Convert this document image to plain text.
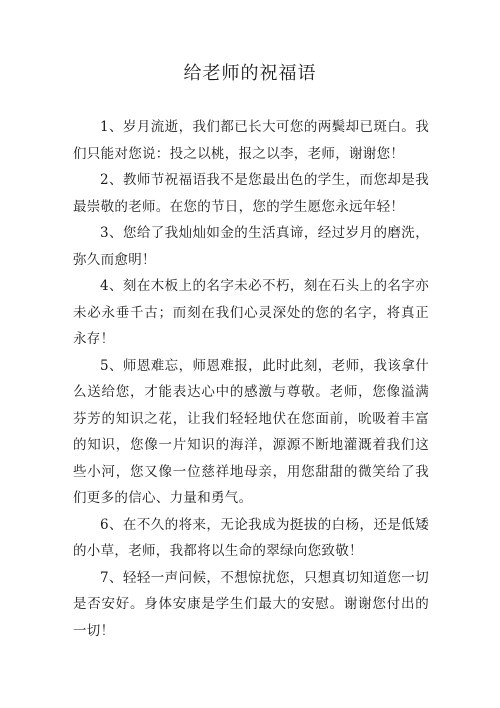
给老师的祝福语

1、岁月流逝，我们都已长大可您的两鬓却已斑白。我们只能对您说：投之以桃，报之以李，老师，谢谢您！

2、教师节祝福语我不是您最出色的学生，而您却是我最崇敬的老师。在您的节日，您的学生愿您永远年轻！

3、您给了我灿灿如金的生活真谛，经过岁月的磨洗，弥久而愈明！

4、刻在木板上的名字未必不朽，刻在石头上的名字亦未必永垂千古；而刻在我们心灵深处的您的名字，将真正永存！

5、师恩难忘，师恩难报，此时此刻，老师，我该拿什么送给您，才能表达心中的感激与尊敬。老师，您像溢满芬芳的知识之花，让我们轻轻地伏在您面前，吮吸着丰富的知识，您像一片知识的海洋，源源不断地灌溉着我们这些小河，您又像一位慈祥地母亲，用您甜甜的微笑给了我们更多的信心、力量和勇气。

6、在不久的将来，无论我成为挺拔的白杨，还是低矮的小草，老师，我都将以生命的翠绿向您致敬！

7、轻轻一声问候，不想惊扰您，只想真切知道您一切是否安好。身体安康是学生们最大的安慰。谢谢您付出的一切！
